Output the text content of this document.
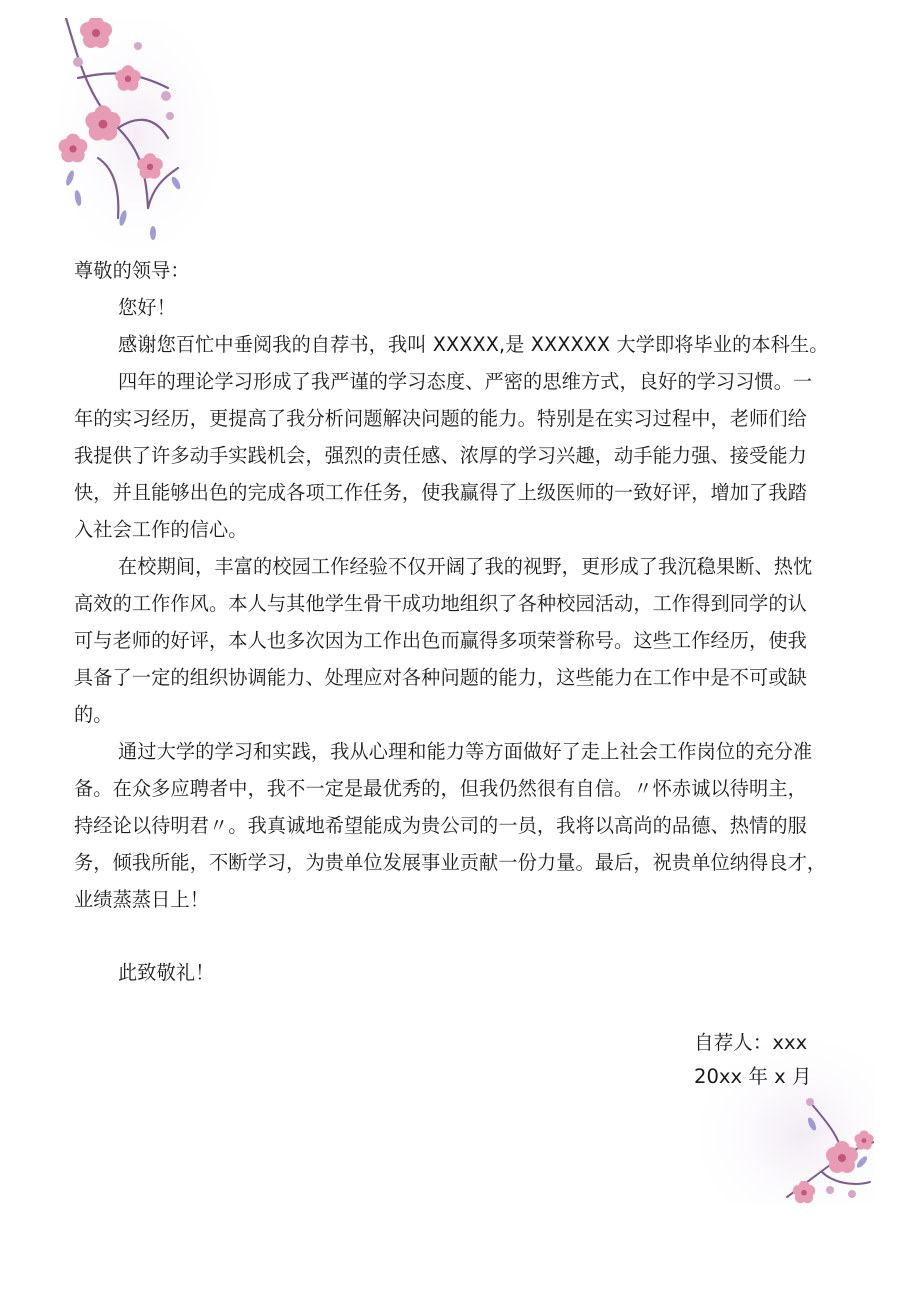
尊敬的领导：

您好！

感谢您百忙中垂阅我的自荐书，我叫 XXXXX,是 XXXXXX 大学即将毕业的本科生。

四年的理论学习形成了我严谨的学习态度、严密的思维方式，良好的学习习惯。一

年的实习经历，更提高了我分析问题解决问题的能力。特别是在实习过程中，老师们给

我提供了许多动手实践机会，强烈的责任感、浓厚的学习兴趣，动手能力强、接受能力

快，并且能够出色的完成各项工作任务，使我赢得了上级医师的一致好评，增加了我踏

入社会工作的信心。

在校期间，丰富的校园工作经验不仅开阔了我的视野，更形成了我沉稳果断、热忱

高效的工作作风。本人与其他学生骨干成功地组织了各种校园活动，工作得到同学的认

可与老师的好评，本人也多次因为工作出色而赢得多项荣誉称号。这些工作经历，使我

具备了一定的组织协调能力、处理应对各种问题的能力，这些能力在工作中是不可或缺

的。

通过大学的学习和实践，我从心理和能力等方面做好了走上社会工作岗位的充分准

备。在众多应聘者中，我不一定是最优秀的，但我仍然很有自信。〃怀赤诚以待明主，

持经论以待明君〃。我真诚地希望能成为贵公司的一员，我将以高尚的品德、热情的服

务，倾我所能，不断学习，为贵单位发展事业贡献一份力量。最后，祝贵单位纳得良才，

业绩蒸蒸日上！

此致敬礼！

自荐人：xxx
20xx 年 x 月
